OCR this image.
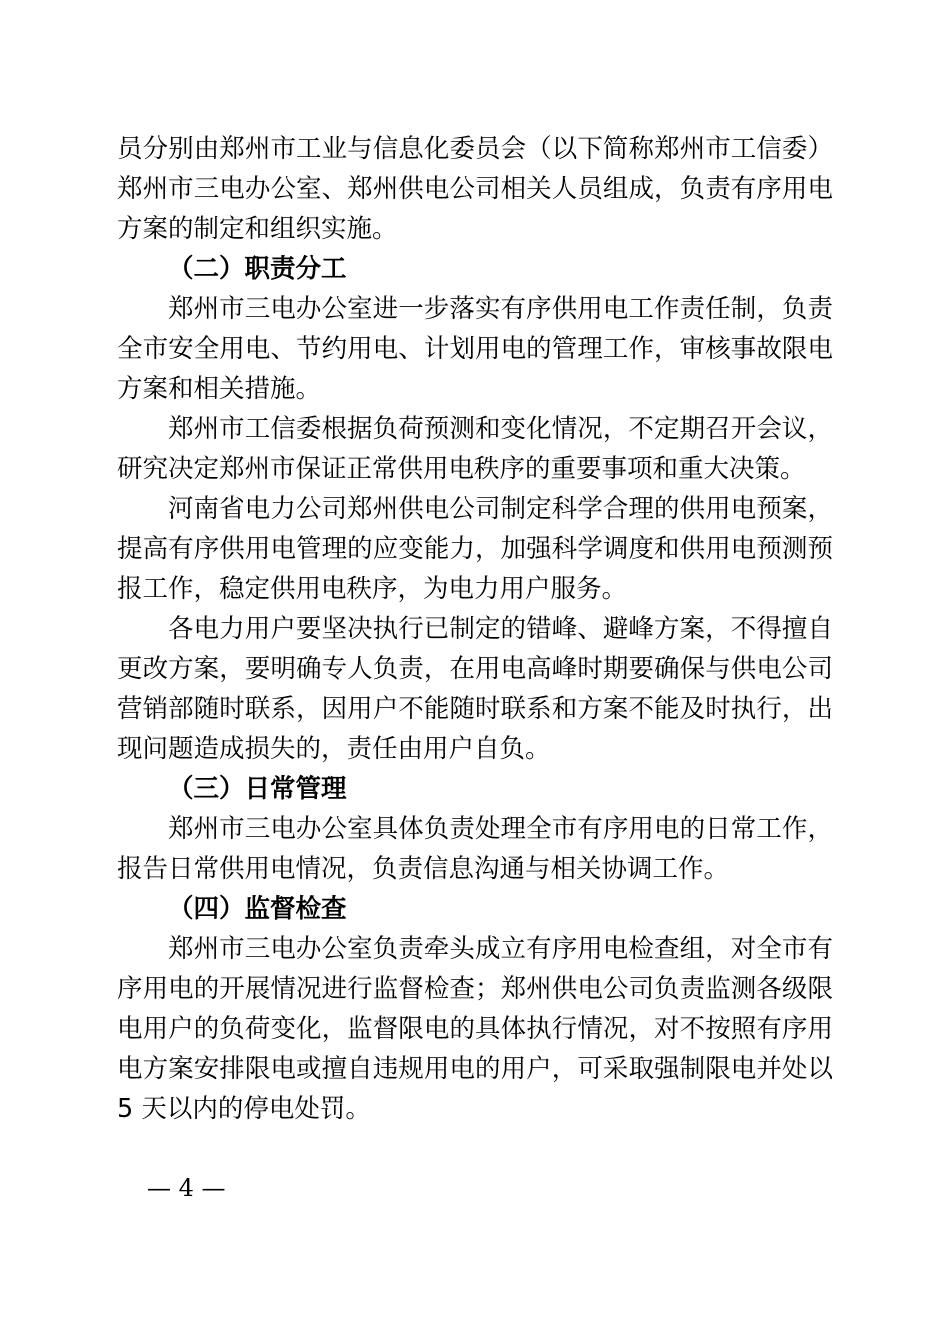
员分别由郑州市工业与信息化委员会（以下简称郑州市工信委）
郑州市三电办公室、郑州供电公司相关人员组成，负责有序用电
方案的制定和组织实施。
（二）职责分工
郑州市三电办公室进一步落实有序供用电工作责任制，负责
全市安全用电、节约用电、计划用电的管理工作，审核事故限电
方案和相关措施。
郑州市工信委根据负荷预测和变化情况，不定期召开会议，
研究决定郑州市保证正常供用电秩序的重要事项和重大决策。
河南省电力公司郑州供电公司制定科学合理的供用电预案，
提高有序供用电管理的应变能力，加强科学调度和供用电预测预
报工作，稳定供用电秩序，为电力用户服务。
各电力用户要坚决执行已制定的错峰、避峰方案，不得擅自
更改方案，要明确专人负责，在用电高峰时期要确保与供电公司
营销部随时联系，因用户不能随时联系和方案不能及时执行，出
现问题造成损失的，责任由用户自负。
（三）日常管理
郑州市三电办公室具体负责处理全市有序用电的日常工作，
报告日常供用电情况，负责信息沟通与相关协调工作。
（四）监督检查
郑州市三电办公室负责牵头成立有序用电检查组，对全市有
序用电的开展情况进行监督检查；郑州供电公司负责监测各级限
电用户的负荷变化，监督限电的具体执行情况，对不按照有序用
电方案安排限电或擅自违规用电的用户，可采取强制限电并处以
5 天以内的停电处罚。
— 4 —
